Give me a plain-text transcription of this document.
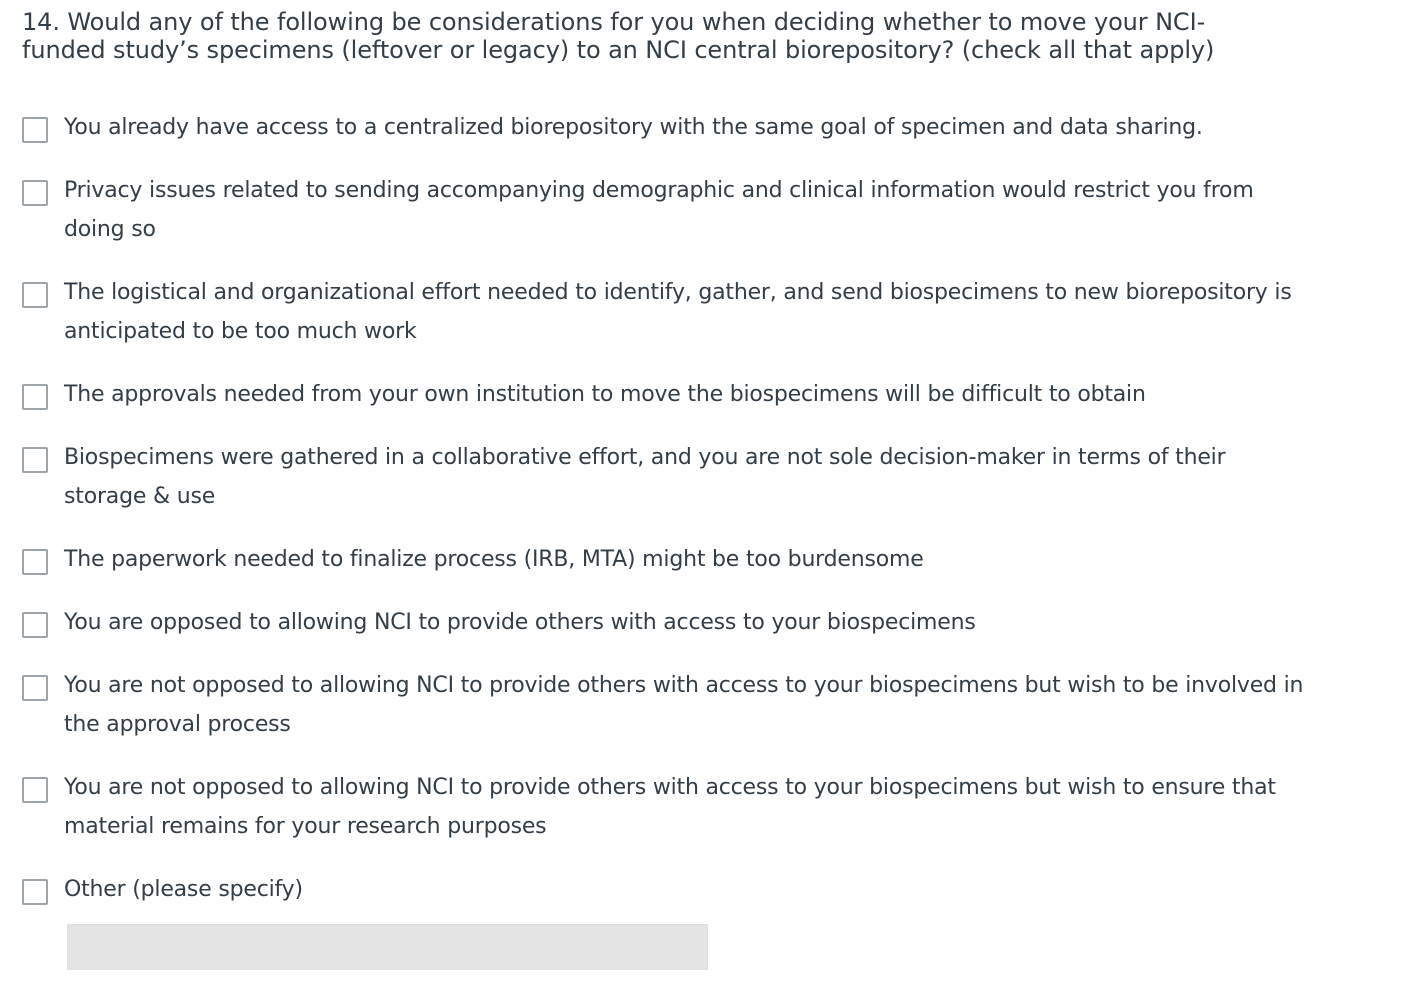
14. Would any of the following be considerations for you when deciding whether to move your NCI-funded study’s specimens (leftover or legacy) to an NCI central biorepository? (check all that apply)
You already have access to a centralized biorepository with the same goal of specimen and data sharing.
Privacy issues related to sending accompanying demographic and clinical information would restrict you from doing so
The logistical and organizational effort needed to identify, gather, and send biospecimens to new biorepository is anticipated to be too much work
The approvals needed from your own institution to move the biospecimens will be difficult to obtain
Biospecimens were gathered in a collaborative effort, and you are not sole decision-maker in terms of their storage & use
The paperwork needed to finalize process (IRB, MTA) might be too burdensome
You are opposed to allowing NCI to provide others with access to your biospecimens
You are not opposed to allowing NCI to provide others with access to your biospecimens but wish to be involved in the approval process
You are not opposed to allowing NCI to provide others with access to your biospecimens but wish to ensure that material remains for your research purposes
Other (please specify)
